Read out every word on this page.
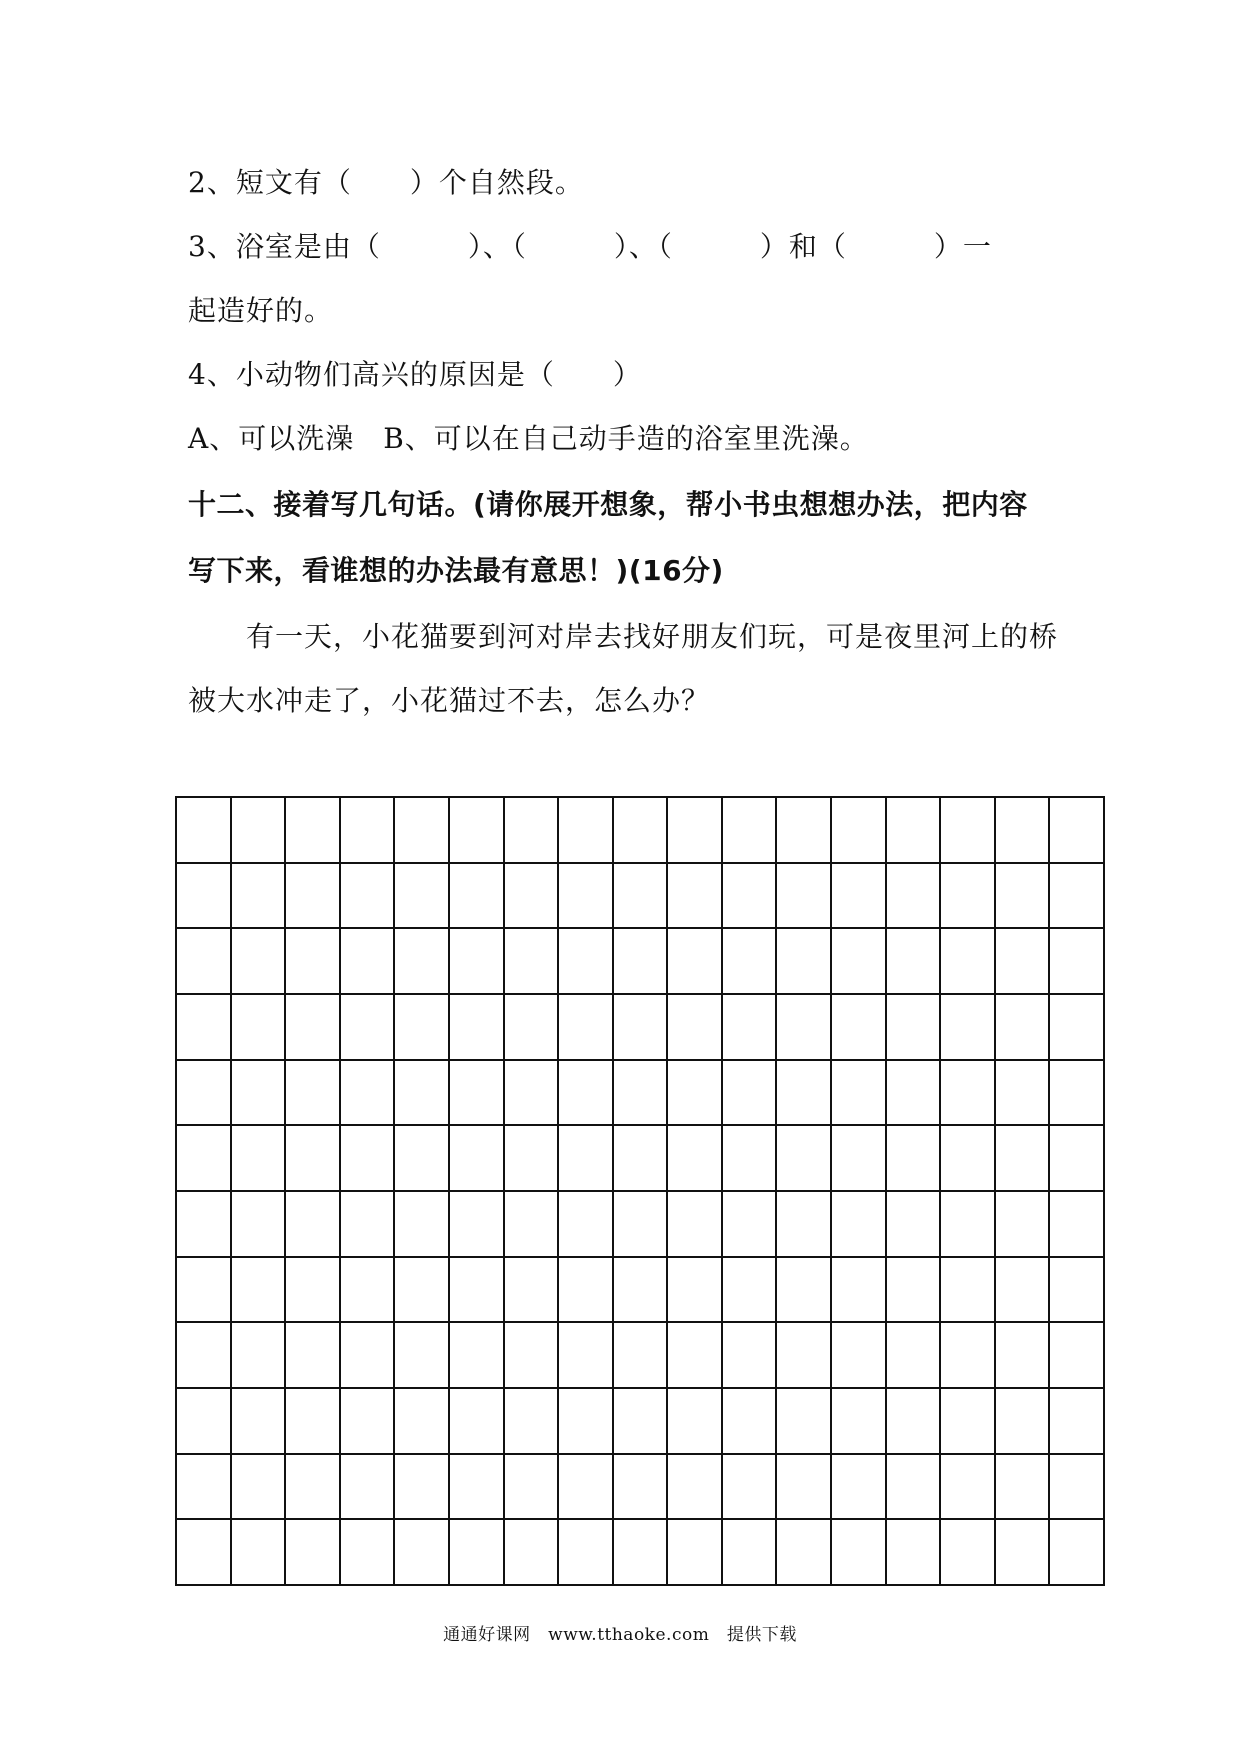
2、短文有（　　）个自然段。
3、浴室是由（　　　）、（　　　）、（　　　）和（　　　）一
起造好的。
4、小动物们高兴的原因是（　　）
A、可以洗澡　B、可以在自己动手造的浴室里洗澡。
十二、接着写几句话。(请你展开想象，帮小书虫想想办法，把内容
写下来，看谁想的办法最有意思！)(16分)
有一天，小花猫要到河对岸去找好朋友们玩，可是夜里河上的桥
被大水冲走了，小花猫过不去，怎么办？
通通好课网　www.tthaoke.com　提供下载
